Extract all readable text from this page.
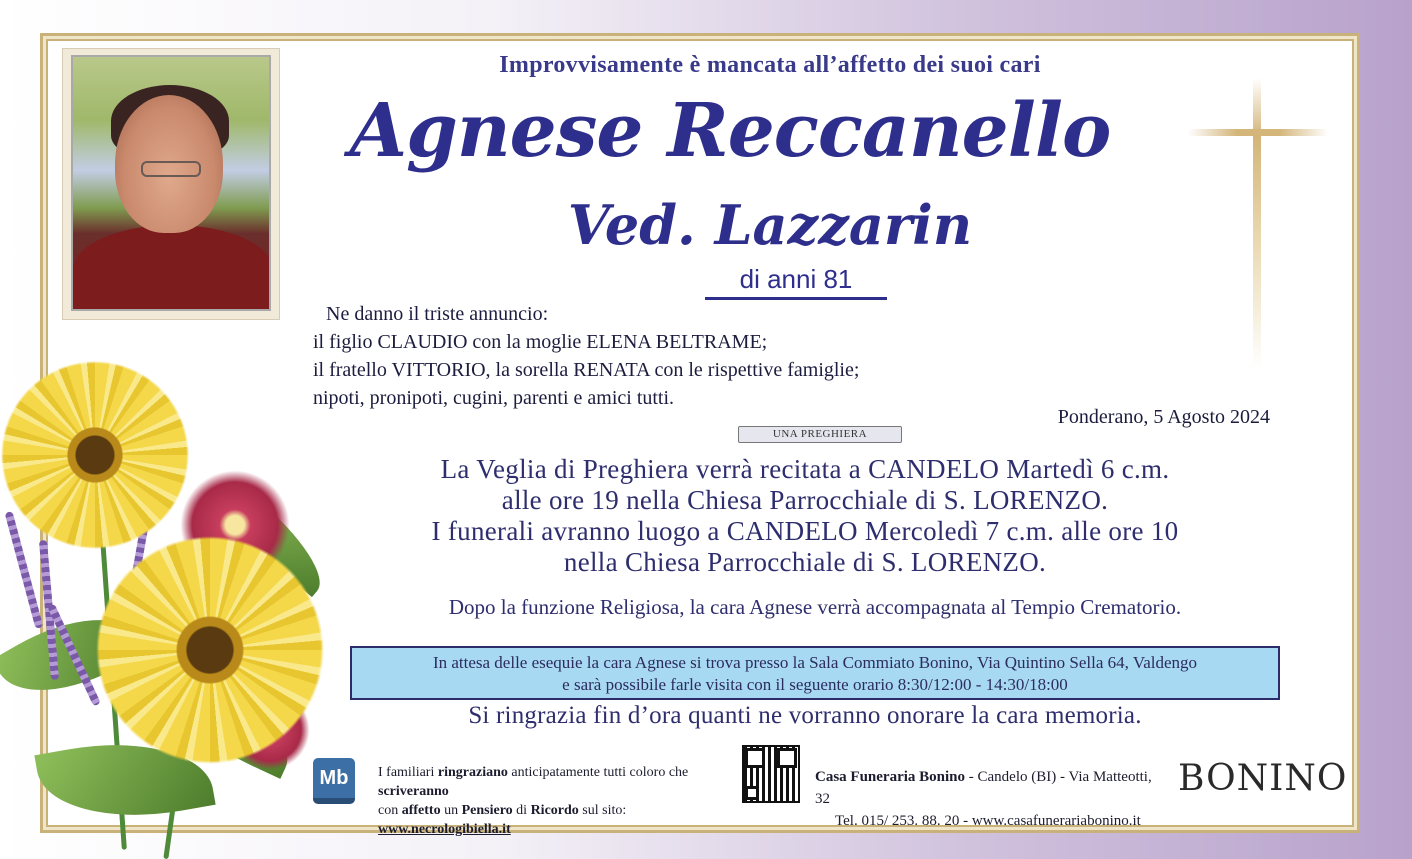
Improvvisamente è mancata all’affetto dei suoi cari
Agnese Reccanello
Ved. Lazzarin
di anni 81
Ne danno il triste annuncio:
il figlio CLAUDIO con la moglie ELENA BELTRAME;
il fratello VITTORIO, la sorella RENATA con le rispettive famiglie;
nipoti, pronipoti, cugini, parenti e amici tutti.
Ponderano, 5 Agosto 2024
UNA PREGHIERA
La Veglia di Preghiera verrà recitata a CANDELO Martedì 6 c.m.
alle ore 19 nella Chiesa Parrocchiale di S. LORENZO.
I funerali avranno luogo a CANDELO Mercoledì 7 c.m. alle ore 10
nella Chiesa Parrocchiale di S. LORENZO.
Dopo la funzione Religiosa, la cara Agnese verrà accompagnata al Tempio Crematorio.
In attesa delle esequie la cara Agnese si trova presso la Sala Commiato Bonino, Via Quintino Sella 64, Valdengo
e sarà possibile farle visita con il seguente orario 8:30/12:00 - 14:30/18:00
Si ringrazia fin d’ora quanti ne vorranno onorare la cara memoria.
Mb	I familiari ringraziano anticipatamente tutti coloro che scriveranno
con affetto un Pensiero di Ricordo sul sito: www.necrologibiella.it
Casa Funeraria Bonino - Candelo (BI) - Via Matteotti, 32
Tel. 015/ 253. 88. 20 - www.casafunerariabonino.it
BONINO
